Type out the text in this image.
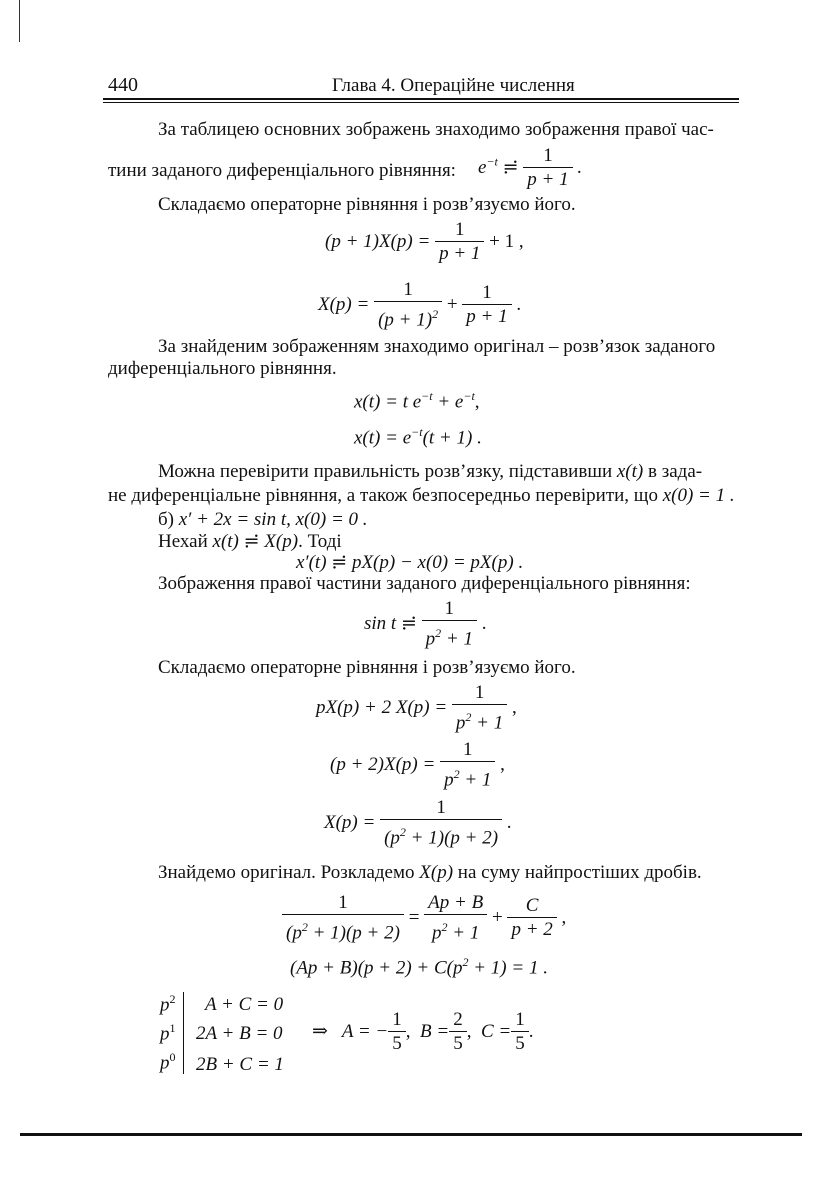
440	Глава 4. Операційне числення
За таблицею основних зображень знаходимо зображення правої час-
тини заданого диференціального рівняння: $e^{-t}$ ≓ $\frac{1}{p + 1}$ .
Складаємо операторне рівняння і розв’язуємо його.
$(p + 1)X(p) = \frac{1}{p + 1} + 1$ ,
$X(p) = \frac{1}{(p + 1)^2} + \frac{1}{p + 1}$ .
За знайденим зображенням знаходимо оригінал – розв’язок заданого
диференціального рівняння.
x(t) = t $e^{-t} + e^{-t}$,
$x(t) = e^{-t}(t + 1)$ .
Можна перевірити правильність розв’язку, підставивши x(t) в зада-
не диференціальне рівняння, а також безпосередньо перевірити, що x(0) = 1 .
б) x′ + 2x = sin t, x(0) = 0 .
Нехай x(t) ≓ X(p). Тоді
x′(t) ≓ pX(p) − x(0) = pX(p) .
Зображення правої частини заданого диференціального рівняння:
sin t ≓ $\frac{1}{p^2 + 1}$ .
Складаємо операторне рівняння і розв’язуємо його.
pX(p) + 2 $X(p) = \frac{1}{p^2 + 1}$ ,
$(p + 2)X(p) = \frac{1}{p^2 + 1}$ ,
$X(p) = \frac{1}{(p^2 + 1)(p + 2)}$ .
Знайдемо оригінал. Розкладемо X(p) на суму найпростіших дробів.
$\frac{1}{(p^2 + 1)(p + 2)} = \frac{Ap + B}{p^2 + 1} + \frac{C}{p + 2}$ ,
$(Ap + B)(p + 2) + C(p^2 + 1) = 1$ .
$p^2$ A + C = 0
$p^1$ 2A + B = 0
$p^0$ 2B + C = 1
⇒ A = − $\frac{1}{5}$ , $B = \frac{2}{5}$ , $C = \frac{1}{5}$ .
